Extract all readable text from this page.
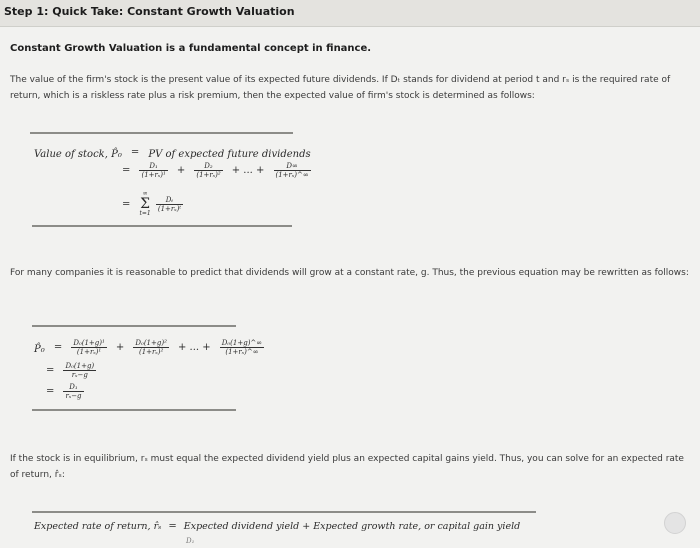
Step 1: Quick Take: Constant Growth Valuation
Constant Growth Valuation is a fundamental concept in finance.
The value of the firm's stock is the present value of its expected future dividends. If Dₜ stands for dividend at period t and rₛ is the required rate of return, which is a riskless rate plus a risk premium, then the expected value of firm's stock is determined as follows:
Value of stock, P̂₀ = PV of expected future dividends
= $\frac{\text{D₁}}{\text{(1+rₛ)¹}} + \frac{\text{D₂}}{\text{(1+rₛ)²}}$ + ... + $\frac{D\infty}{\text{(1+rₛ)\textasciicircum{}∞}}$
=
∞
Σ
t=1

$\frac{\text{Dₜ}}{\text{(1+rₛ)ᵗ}}$
For many companies it is reasonable to predict that dividends will grow at a constant rate, g. Thus, the previous equation may be rewritten as follows:
P̂₀ = $\frac{\text{D₀(1+g)¹}}{\text{(1+rₛ)¹}} + \frac{\text{D₀(1+g)²}}{\text{(1+rₛ)²}}$ + ... + $\frac{\text{D₀(1+g)\textasciicircum{}∞}}{\text{(1+rₛ)\textasciicircum{}∞}}$
= $\frac{\text{D₀(1+g)}}{\text{rₛ−g}}$
= $\frac{\text{D₁}}{\text{rₛ−g}}$
If the stock is in equilibrium, rₛ must equal the expected dividend yield plus an expected capital gains yield. Thus, you can solve for an expected rate of return, r̂ₛ:
Expected rate of return, r̂ₛ = Expected dividend yield + Expected growth rate, or capital gain yield
D₁
